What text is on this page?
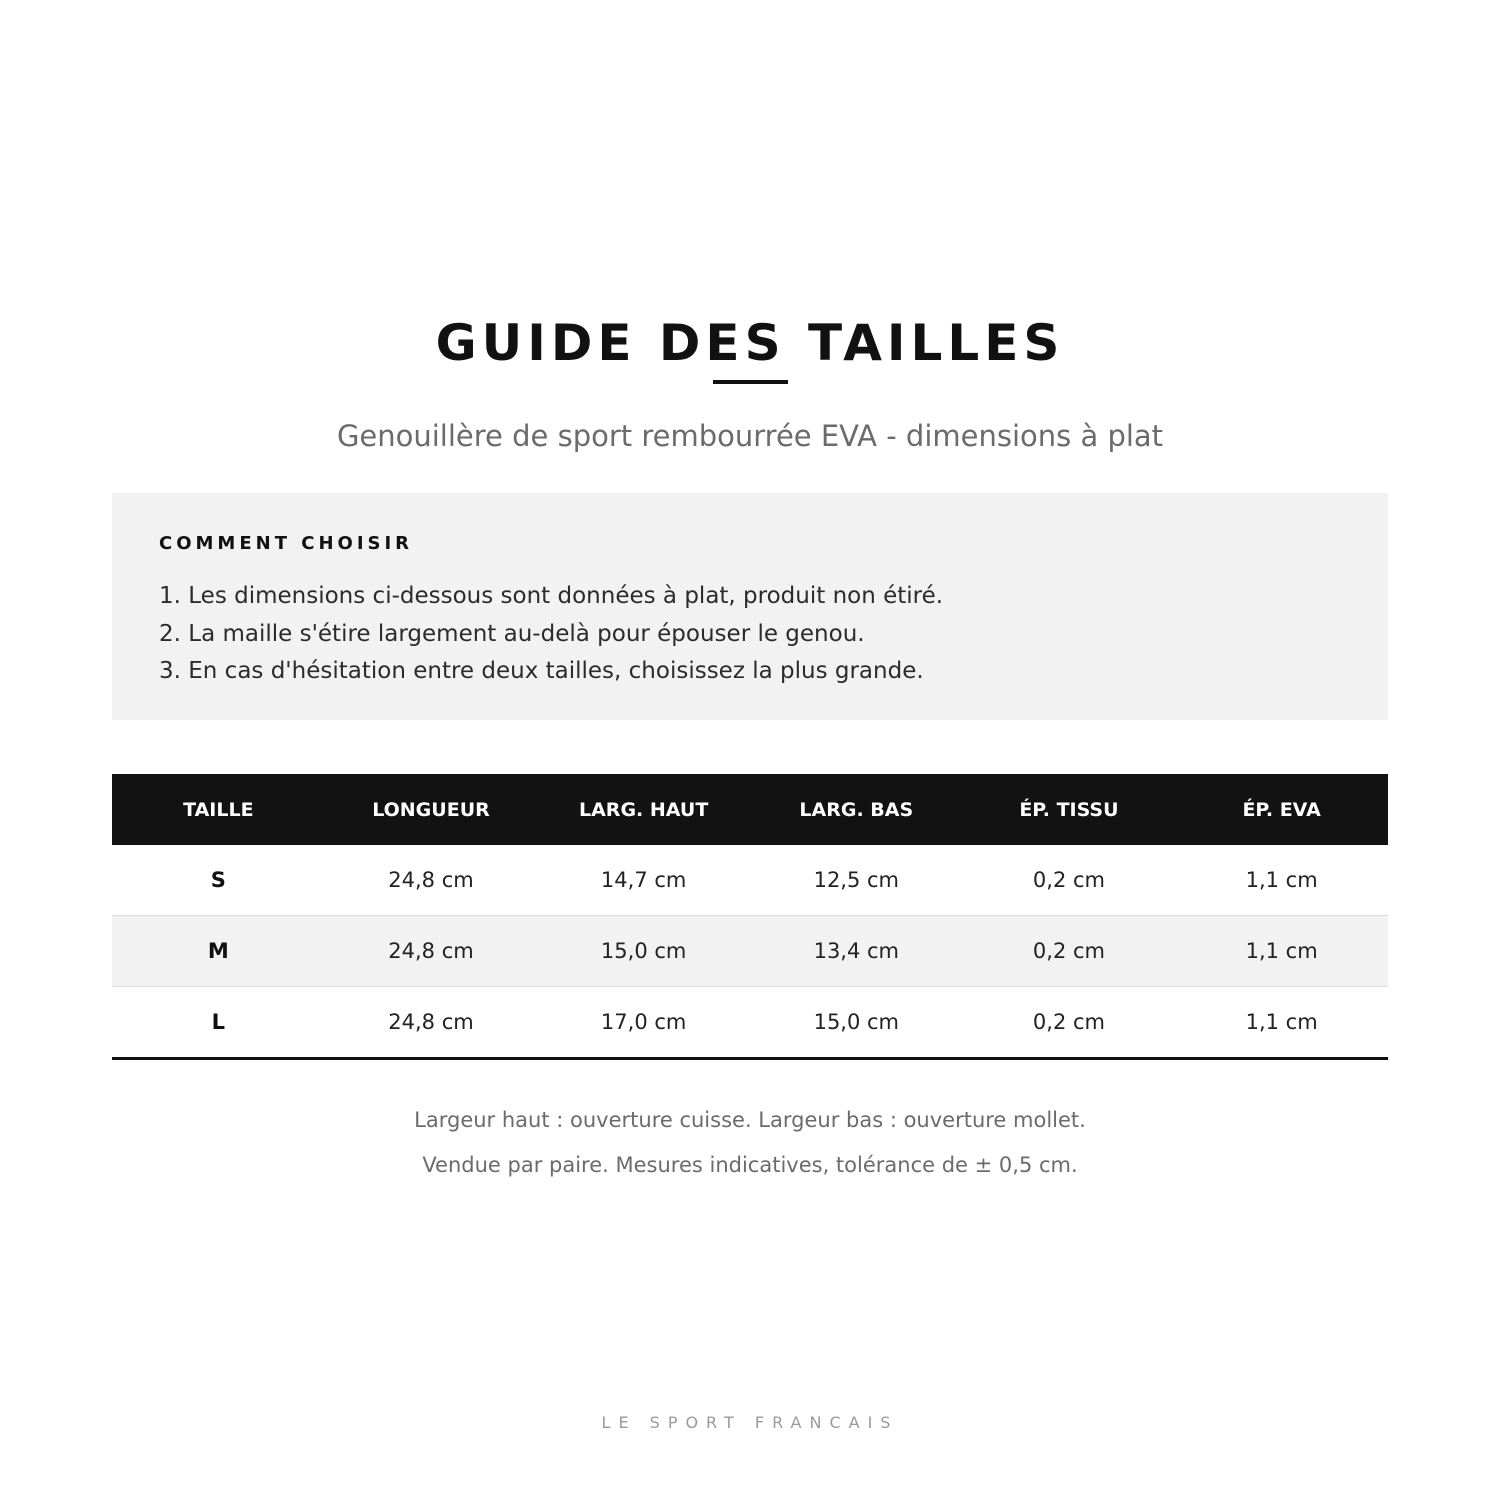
GUIDE DES TAILLES
Genouillère de sport rembourrée EVA - dimensions à plat
COMMENT CHOISIR
1. Les dimensions ci-dessous sont données à plat, produit non étiré.
2. La maille s'étire largement au-delà pour épouser le genou.
3. En cas d'hésitation entre deux tailles, choisissez la plus grande.
TAILLE	LONGUEUR	LARG. HAUT	LARG. BAS	ÉP. TISSU	ÉP. EVA
S	24,8 cm	14,7 cm	12,5 cm	0,2 cm	1,1 cm
M	24,8 cm	15,0 cm	13,4 cm	0,2 cm	1,1 cm
L	24,8 cm	17,0 cm	15,0 cm	0,2 cm	1,1 cm
Largeur haut : ouverture cuisse. Largeur bas : ouverture mollet.
Vendue par paire. Mesures indicatives, tolérance de ± 0,5 cm.
LE SPORT FRANCAIS
